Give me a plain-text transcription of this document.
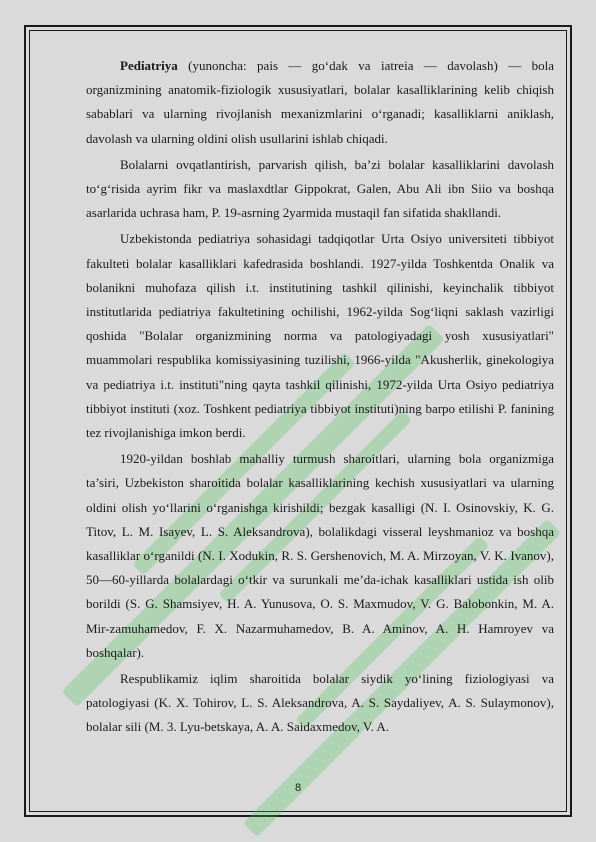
Pediatriya (yunoncha: pais — go‘dak va iatreia — davolash) — bola organizmining anatomik-fiziologik xususiyatlari, bolalar kasalliklarining kelib chiqish sabablari va ularning rivojlanish mexanizmlarini o‘rganadi; kasalliklarni aniklash, davolash va ularning oldini olish usullarini ishlab chiqadi.

Bolalarni ovqatlantirish, parvarish qilish, ba’zi bolalar kasalliklarini davolash to‘g‘risida ayrim fikr va maslaxdtlar Gippokrat, Galen, Abu Ali ibn Siio va boshqa asarlarida uchrasa ham, P. 19-asrning 2yarmida mustaqil fan sifatida shakllandi.

Uzbekistonda pediatriya sohasidagi tadqiqotlar Urta Osiyo universiteti tibbiyot fakulteti bolalar kasalliklari kafedrasida boshlandi. 1927-yilda Toshkentda Onalik va bolanikni muhofaza qilish i.t. institutining tashkil qilinishi, keyinchalik tibbiyot institutlarida pediatriya fakultetining ochilishi, 1962-yilda Sog‘liqni saklash vazirligi qoshida "Bolalar organizmining norma va patologiyadagi yosh xususiyatlari" muammolari respublika komissiyasining tuzilishi, 1966-yilda "Akusherlik, ginekologiya va pediatriya i.t. instituti"ning qayta tashkil qilinishi, 1972-yilda Urta Osiyo pediatriya tibbiyot instituti (xoz. Toshkent pediatriya tibbiyot instituti)ning barpo etilishi P. fanining tez rivojlanishiga imkon berdi.

1920-yildan boshlab mahalliy turmush sharoitlari, ularning bola organizmiga ta’siri, Uzbekiston sharoitida bolalar kasalliklarining kechish xususiyatlari va ularning oldini olish yo‘llarini o‘rganishga kirishildi; bezgak kasalligi (N. I. Osinovskiy, K. G. Titov, L. M. Isayev, L. S. Aleksandrova), bolalikdagi visseral leyshmanioz va boshqa kasalliklar o‘rganildi (N. I. Xodukin, R. S. Gershenovich, M. A. Mirzoyan, V. K. Ivanov), 50—60-yillarda bolalardagi o‘tkir va surunkali me’da-ichak kasalliklari ustida ish olib borildi (S. G. Shamsiyev, H. A. Yunusova, O. S. Maxmudov, V. G. Balobonkin, M. A. Mir-zamuhamedov, F. X. Nazarmuhamedov, B. A. Aminov, A. H. Hamroyev va boshqalar).

Respublikamiz iqlim sharoitida bolalar siydik yo‘lining fiziologiyasi va patologiyasi (K. X. Tohirov, L. S. Aleksandrova, A. S. Saydaliyev, A. S. Sulaymonov), bolalar sili (M. 3. Lyu-betskaya, A. A. Saidaxmedov, V. A.

8
